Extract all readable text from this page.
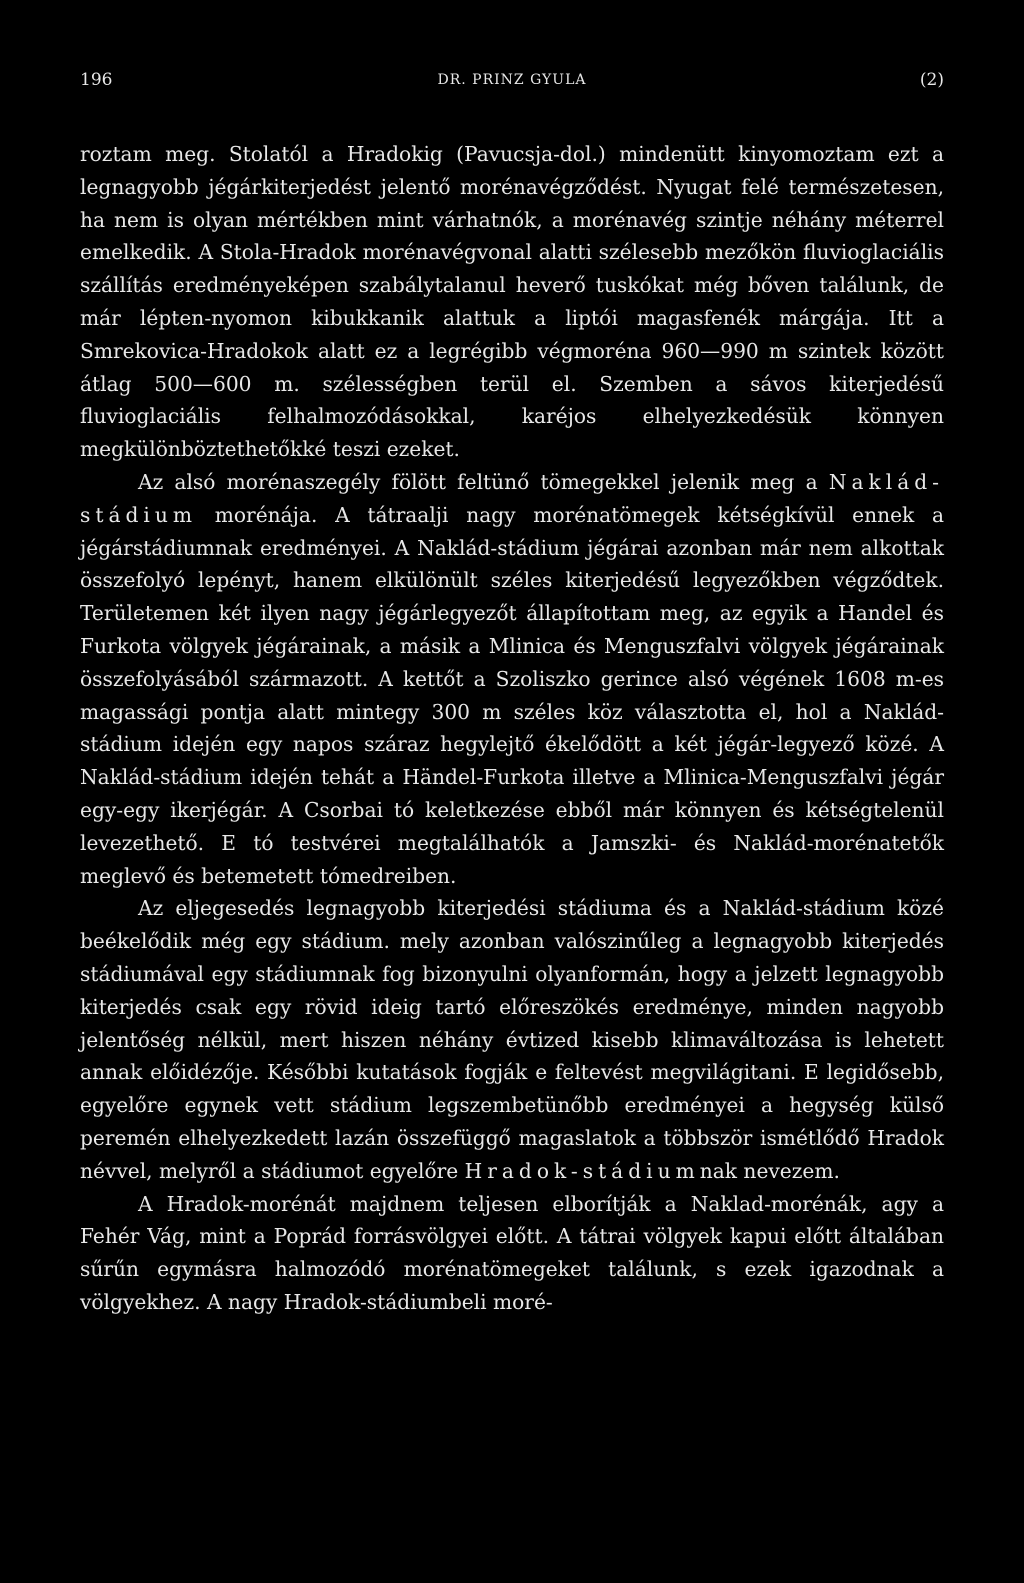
196	DR. PRINZ GYULA	(2)

roztam meg. Stolatól a Hradokig (Pavucsja-dol.) mindenütt kinyomoztam ezt a legnagyobb jégárkiterjedést jelentő morénavégződést. Nyugat felé természetesen, ha nem is olyan mértékben mint várhatnók, a morénavég szintje néhány méterrel emelkedik. A Stola-Hradok morénavégvonal alatti szélesebb mezőkön fluvioglaciális szállítás eredményeképen szabálytalanul heverő tuskókat még bőven találunk, de már lépten-nyomon kibukkanik alattuk a liptói magasfenék márgája. Itt a Smrekovica-Hradokok alatt ez a legrégibb végmoréna 960—990 m szintek között átlag 500—600 m. szélességben terül el. Szemben a sávos kiterjedésű fluvioglaciális felhalmozódásokkal, karéjos elhelyezkedésük könnyen megkülönböztethetőkké teszi ezeket.

Az alsó morénaszegély fölött feltünő tömegekkel jelenik meg a Naklád-stádium morénája. A tátraalji nagy morénatömegek kétségkívül ennek a jégárstádiumnak eredményei. A Naklád-stádium jégárai azonban már nem alkottak összefolyó lepényt, hanem elkülönült széles kiterjedésű legyezőkben végződtek. Területemen két ilyen nagy jégárlegyezőt állapítottam meg, az egyik a Handel és Furkota völgyek jégárainak, a másik a Mlinica és Menguszfalvi völgyek jégárainak összefolyásából származott. A kettőt a Szoliszko gerince alsó végének 1608 m-es magassági pontja alatt mintegy 300 m széles köz választotta el, hol a Naklád-stádium idején egy napos száraz hegylejtő ékelődött a két jégár-legyező közé. A Naklád-stádium idején tehát a Händel-Furkota illetve a Mlinica-Menguszfalvi jégár egy-egy ikerjégár. A Csorbai tó keletkezése ebből már könnyen és kétségtelenül levezethető. E tó testvérei megtalálhatók a Jamszki- és Naklád-morénatetők meglevő és betemetett tómedreiben.

Az eljegesedés legnagyobb kiterjedési stádiuma és a Naklád-stádium közé beékelődik még egy stádium. mely azonban valószinűleg a legnagyobb kiterjedés stádiumával egy stádiumnak fog bizonyulni olyanformán, hogy a jelzett legnagyobb kiterjedés csak egy rövid ideig tartó előreszökés eredménye, minden nagyobb jelentőség nélkül, mert hiszen néhány évtized kisebb klimaváltozása is lehetett annak előidézője. Későbbi kutatások fogják e feltevést megvilágitani. E legidősebb, egyelőre egynek vett stádium legszembetünőbb eredményei a hegység külső peremén elhelyezkedett lazán összefüggő magaslatok a többször ismétlődő Hradok névvel, melyről a stádiumot egyelőre Hradok-stádiumnak nevezem.

A Hradok-morénát majdnem teljesen elborítják a Naklad-morénák, agy a Fehér Vág, mint a Poprád forrásvölgyei előtt. A tátrai völgyek kapui előtt általában sűrűn egymásra halmozódó morénatömegeket találunk, s ezek igazodnak a völgyekhez. A nagy Hradok-stádiumbeli moré-
